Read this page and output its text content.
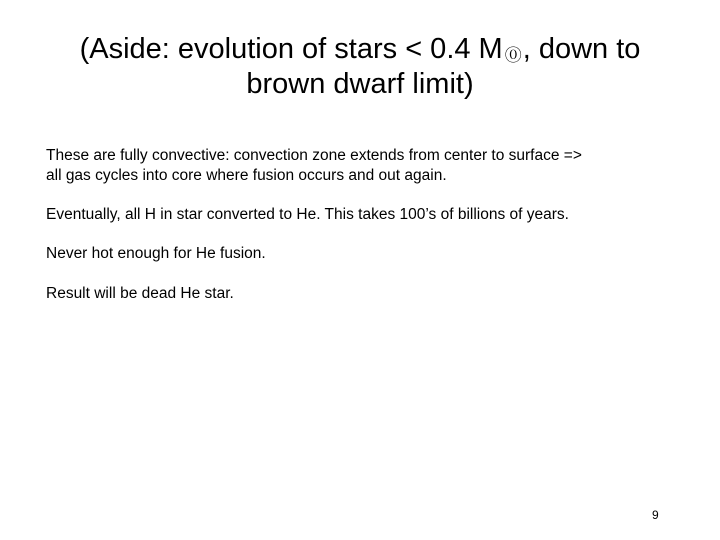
(Aside: evolution of stars < 0.4 M ⓪, down to brown dwarf limit)

These are fully convective: convection zone extends from center to surface => all gas cycles into core where fusion occurs and out again.

Eventually, all H in star converted to He. This takes 100’s of billions of years.

Never hot enough for He fusion.

Result will be dead He star.

9
